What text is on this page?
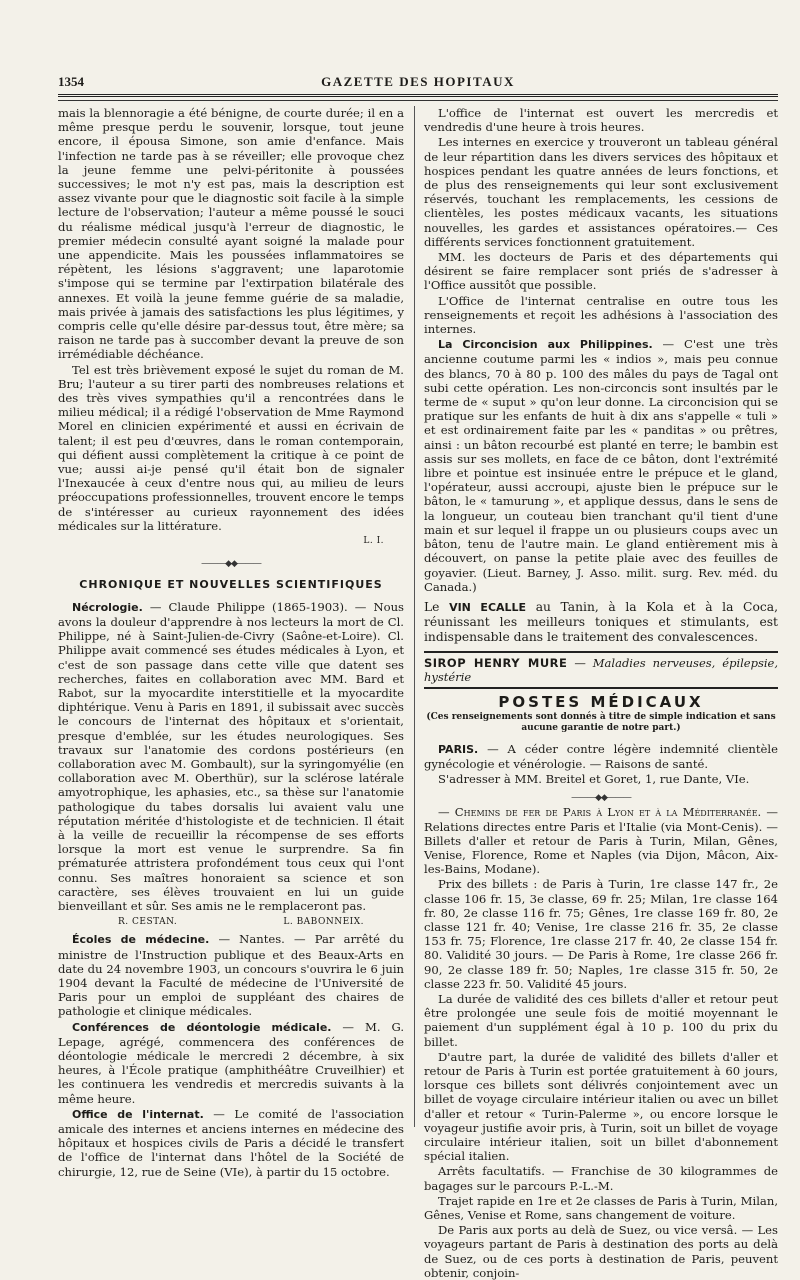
1354	GAZETTE DES HOPITAUX

mais la blennoragie a été bénigne, de courte durée; il en a même presque perdu le souvenir, lorsque, tout jeune encore, il épousa Simone, son amie d'enfance. Mais l'infection ne tarde pas à se réveiller; elle provoque chez la jeune femme une pelvi-péritonite à poussées successives; le mot n'y est pas, mais la description est assez vivante pour que le diagnostic soit facile à la simple lecture de l'observation; l'auteur a même poussé le souci du réalisme médical jusqu'à l'erreur de diagnostic, le premier médecin consulté ayant soigné la malade pour une appendicite. Mais les poussées inflammatoires se répètent, les lésions s'aggravent; une laparotomie s'impose qui se termine par l'extirpation bilatérale des annexes. Et voilà la jeune femme guérie de sa maladie, mais privée à jamais des satisfactions les plus légitimes, y compris celle qu'elle désire par-dessus tout, être mère; sa raison ne tarde pas à succomber devant la preuve de son irrémédiable déchéance.

Tel est très brièvement exposé le sujet du roman de M. Bru; l'auteur a su tirer parti des nombreuses relations et des très vives sympathies qu'il a rencontrées dans le milieu médical; il a rédigé l'observation de Mme Raymond Morel en clinicien expérimenté et aussi en écrivain de talent; il est peu d'œuvres, dans le roman contemporain, qui défient aussi complètement la critique à ce point de vue; aussi ai-je pensé qu'il était bon de signaler l'Inexaucée à ceux d'entre nous qui, au milieu de leurs préoccupations professionnelles, trouvent encore le temps de s'intéresser au curieux rayonnement des idées médicales sur la littérature.

L. I.
———◆◆———
CHRONIQUE ET NOUVELLES SCIENTIFIQUES

Nécrologie. — Claude Philippe (1865-1903). — Nous avons la douleur d'apprendre à nos lecteurs la mort de Cl. Philippe, né à Saint-Julien-de-Civry (Saône-et-Loire). Cl. Philippe avait commencé ses études médicales à Lyon, et c'est de son passage dans cette ville que datent ses recherches, faites en collaboration avec MM. Bard et Rabot, sur la myocardite interstitielle et la myocardite diphtérique. Venu à Paris en 1891, il subissait avec succès le concours de l'internat des hôpitaux et s'orientait, presque d'emblée, sur les études neurologiques. Ses travaux sur l'anatomie des cordons postérieurs (en collaboration avec M. Gombault), sur la syringomyélie (en collaboration avec M. Oberthür), sur la sclérose latérale amyotrophique, les aphasies, etc., sa thèse sur l'anatomie pathologique du tabes dorsalis lui avaient valu une réputation méritée d'histologiste et de technicien. Il était à la veille de recueillir la récompense de ses efforts lorsque la mort est venue le surprendre. Sa fin prématurée attristera profondément tous ceux qui l'ont connu. Ses maîtres honoraient sa science et son caractère, ses élèves trouvaient en lui un guide bienveillant et sûr. Ses amis ne le remplaceront pas.

R. CESTAN.	L. BABONNEIX.

Écoles de médecine. — Nantes. — Par arrêté du ministre de l'Instruction publique et des Beaux-Arts en date du 24 novembre 1903, un concours s'ouvrira le 6 juin 1904 devant la Faculté de médecine de l'Université de Paris pour un emploi de suppléant des chaires de pathologie et clinique médicales.

Conférences de déontologie médicale. — M. G. Lepage, agrégé, commencera des conférences de déontologie médicale le mercredi 2 décembre, à six heures, à l'École pratique (amphithéâtre Cruveilhier) et les continuera les vendredis et mercredis suivants à la même heure.

Office de l'internat. — Le comité de l'association amicale des internes et anciens internes en médecine des hôpitaux et hospices civils de Paris a décidé le transfert de l'office de l'internat dans l'hôtel de la Société de chirurgie, 12, rue de Seine (VIe), à partir du 15 octobre.

L'office de l'internat est ouvert les mercredis et vendredis d'une heure à trois heures.

Les internes en exercice y trouveront un tableau général de leur répartition dans les divers services des hôpitaux et hospices pendant les quatre années de leurs fonctions, et de plus des renseignements qui leur sont exclusivement réservés, touchant les remplacements, les cessions de clientèles, les postes médicaux vacants, les situations nouvelles, les gardes et assistances opératoires.— Ces différents services fonctionnent gratuitement.

MM. les docteurs de Paris et des départements qui désirent se faire remplacer sont priés de s'adresser à l'Office aussitôt que possible.

L'Office de l'internat centralise en outre tous les renseignements et reçoit les adhésions à l'association des internes.

La Circoncision aux Philippines. — C'est une très ancienne coutume parmi les « indios », mais peu connue des blancs, 70 à 80 p. 100 des mâles du pays de Tagal ont subi cette opération. Les non-circoncis sont insultés par le terme de « suput » qu'on leur donne. La circoncision qui se pratique sur les enfants de huit à dix ans s'appelle « tuli » et est ordinairement faite par les « panditas » ou prêtres, ainsi : un bâton recourbé est planté en terre; le bambin est assis sur ses mollets, en face de ce bâton, dont l'extrémité libre et pointue est insinuée entre le prépuce et le gland, l'opérateur, aussi accroupi, ajuste bien le prépuce sur le bâton, le « tamurung », et applique dessus, dans le sens de la longueur, un couteau bien tranchant qu'il tient d'une main et sur lequel il frappe un ou plusieurs coups avec un bâton, tenu de l'autre main. Le gland entièrement mis à découvert, on panse la petite plaie avec des feuilles de goyavier. (Lieut. Barney, J. Asso. milit. surg. Rev. méd. du Canada.)

Le VIN ECALLE au Tanin, à la Kola et à la Coca, réunissant les meilleurs toniques et stimulants, est indispensable dans le traitement des convalescences.

SIROP HENRY MURE — Maladies nerveuses, épilepsie, hystérie
POSTES MÉDICAUX
(Ces renseignements sont donnés à titre de simple indication et sans aucune garantie de notre part.)

PARIS. — A céder contre légère indemnité clientèle gynécologie et vénérologie. — Raisons de santé.

S'adresser à MM. Breitel et Goret, 1, rue Dante, VIe.

———◆◆———

— Chemins de fer de Paris à Lyon et à la Méditerranée. — Relations directes entre Paris et l'Italie (via Mont-Cenis). — Billets d'aller et retour de Paris à Turin, Milan, Gênes, Venise, Florence, Rome et Naples (via Dijon, Mâcon, Aix-les-Bains, Modane).

Prix des billets : de Paris à Turin, 1re classe 147 fr., 2e classe 106 fr. 15, 3e classe, 69 fr. 25; Milan, 1re classe 164 fr. 80, 2e classe 116 fr. 75; Gênes, 1re classe 169 fr. 80, 2e classe 121 fr. 40; Venise, 1re classe 216 fr. 35, 2e classe 153 fr. 75; Florence, 1re classe 217 fr. 40, 2e classe 154 fr. 80. Validité 30 jours. — De Paris à Rome, 1re classe 266 fr. 90, 2e classe 189 fr. 50; Naples, 1re classe 315 fr. 50, 2e classe 223 fr. 50. Validité 45 jours.

La durée de validité des ces billets d'aller et retour peut être prolongée une seule fois de moitié moyennant le paiement d'un supplément égal à 10 p. 100 du prix du billet.

D'autre part, la durée de validité des billets d'aller et retour de Paris à Turin est portée gratuitement à 60 jours, lorsque ces billets sont délivrés conjointement avec un billet de voyage circulaire intérieur italien ou avec un billet d'aller et retour « Turin-Palerme », ou encore lorsque le voyageur justifie avoir pris, à Turin, soit un billet de voyage circulaire intérieur italien, soit un billet d'abonnement spécial italien.

Arrêts facultatifs. — Franchise de 30 kilogrammes de bagages sur le parcours P.-L.-M.

Trajet rapide en 1re et 2e classes de Paris à Turin, Milan, Gênes, Venise et Rome, sans changement de voiture.

De Paris aux ports au delà de Suez, ou vice versâ. — Les voyageurs partant de Paris à destination des ports au delà de Suez, ou de ces ports à destination de Paris, peuvent obtenir, conjoin-
